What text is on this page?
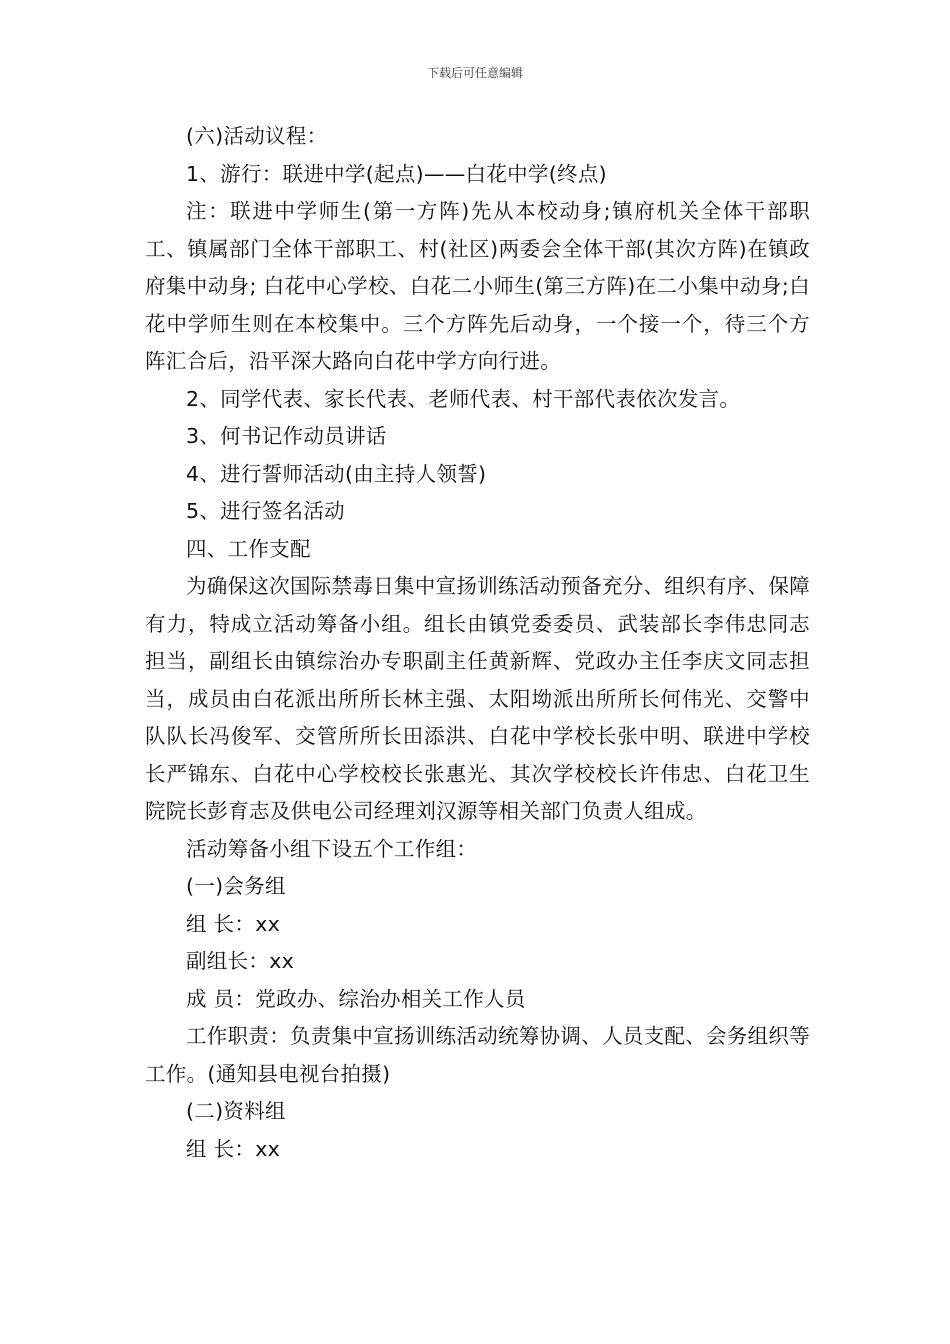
下载后可任意编辑

(六)活动议程：

1、游行：联进中学(起点)——白花中学(终点)

注：联进中学师生(第一方阵)先从本校动身;镇府机关全体干部职工、镇属部门全体干部职工、村(社区)两委会全体干部(其次方阵)在镇政府集中动身; 白花中心学校、白花二小师生(第三方阵)在二小集中动身;白花中学师生则在本校集中。三个方阵先后动身，一个接一个，待三个方阵汇合后，沿平深大路向白花中学方向行进。

2、同学代表、家长代表、老师代表、村干部代表依次发言。

3、何书记作动员讲话

4、进行誓师活动(由主持人领誓)

5、进行签名活动

四、工作支配

为确保这次国际禁毒日集中宣扬训练活动预备充分、组织有序、保障有力，特成立活动筹备小组。组长由镇党委委员、武装部长李伟忠同志担当，副组长由镇综治办专职副主任黄新辉、党政办主任李庆文同志担当，成员由白花派出所所长林主强、太阳坳派出所所长何伟光、交警中队队长冯俊军、交管所所长田添洪、白花中学校长张中明、联进中学校长严锦东、白花中心学校校长张惠光、其次学校校长许伟忠、白花卫生院院长彭育志及供电公司经理刘汉源等相关部门负责人组成。

活动筹备小组下设五个工作组：

(一)会务组

组 长：xx

副组长：xx

成 员：党政办、综治办相关工作人员

工作职责：负责集中宣扬训练活动统筹协调、人员支配、会务组织等工作。(通知县电视台拍摄)

(二)资料组

组 长：xx
